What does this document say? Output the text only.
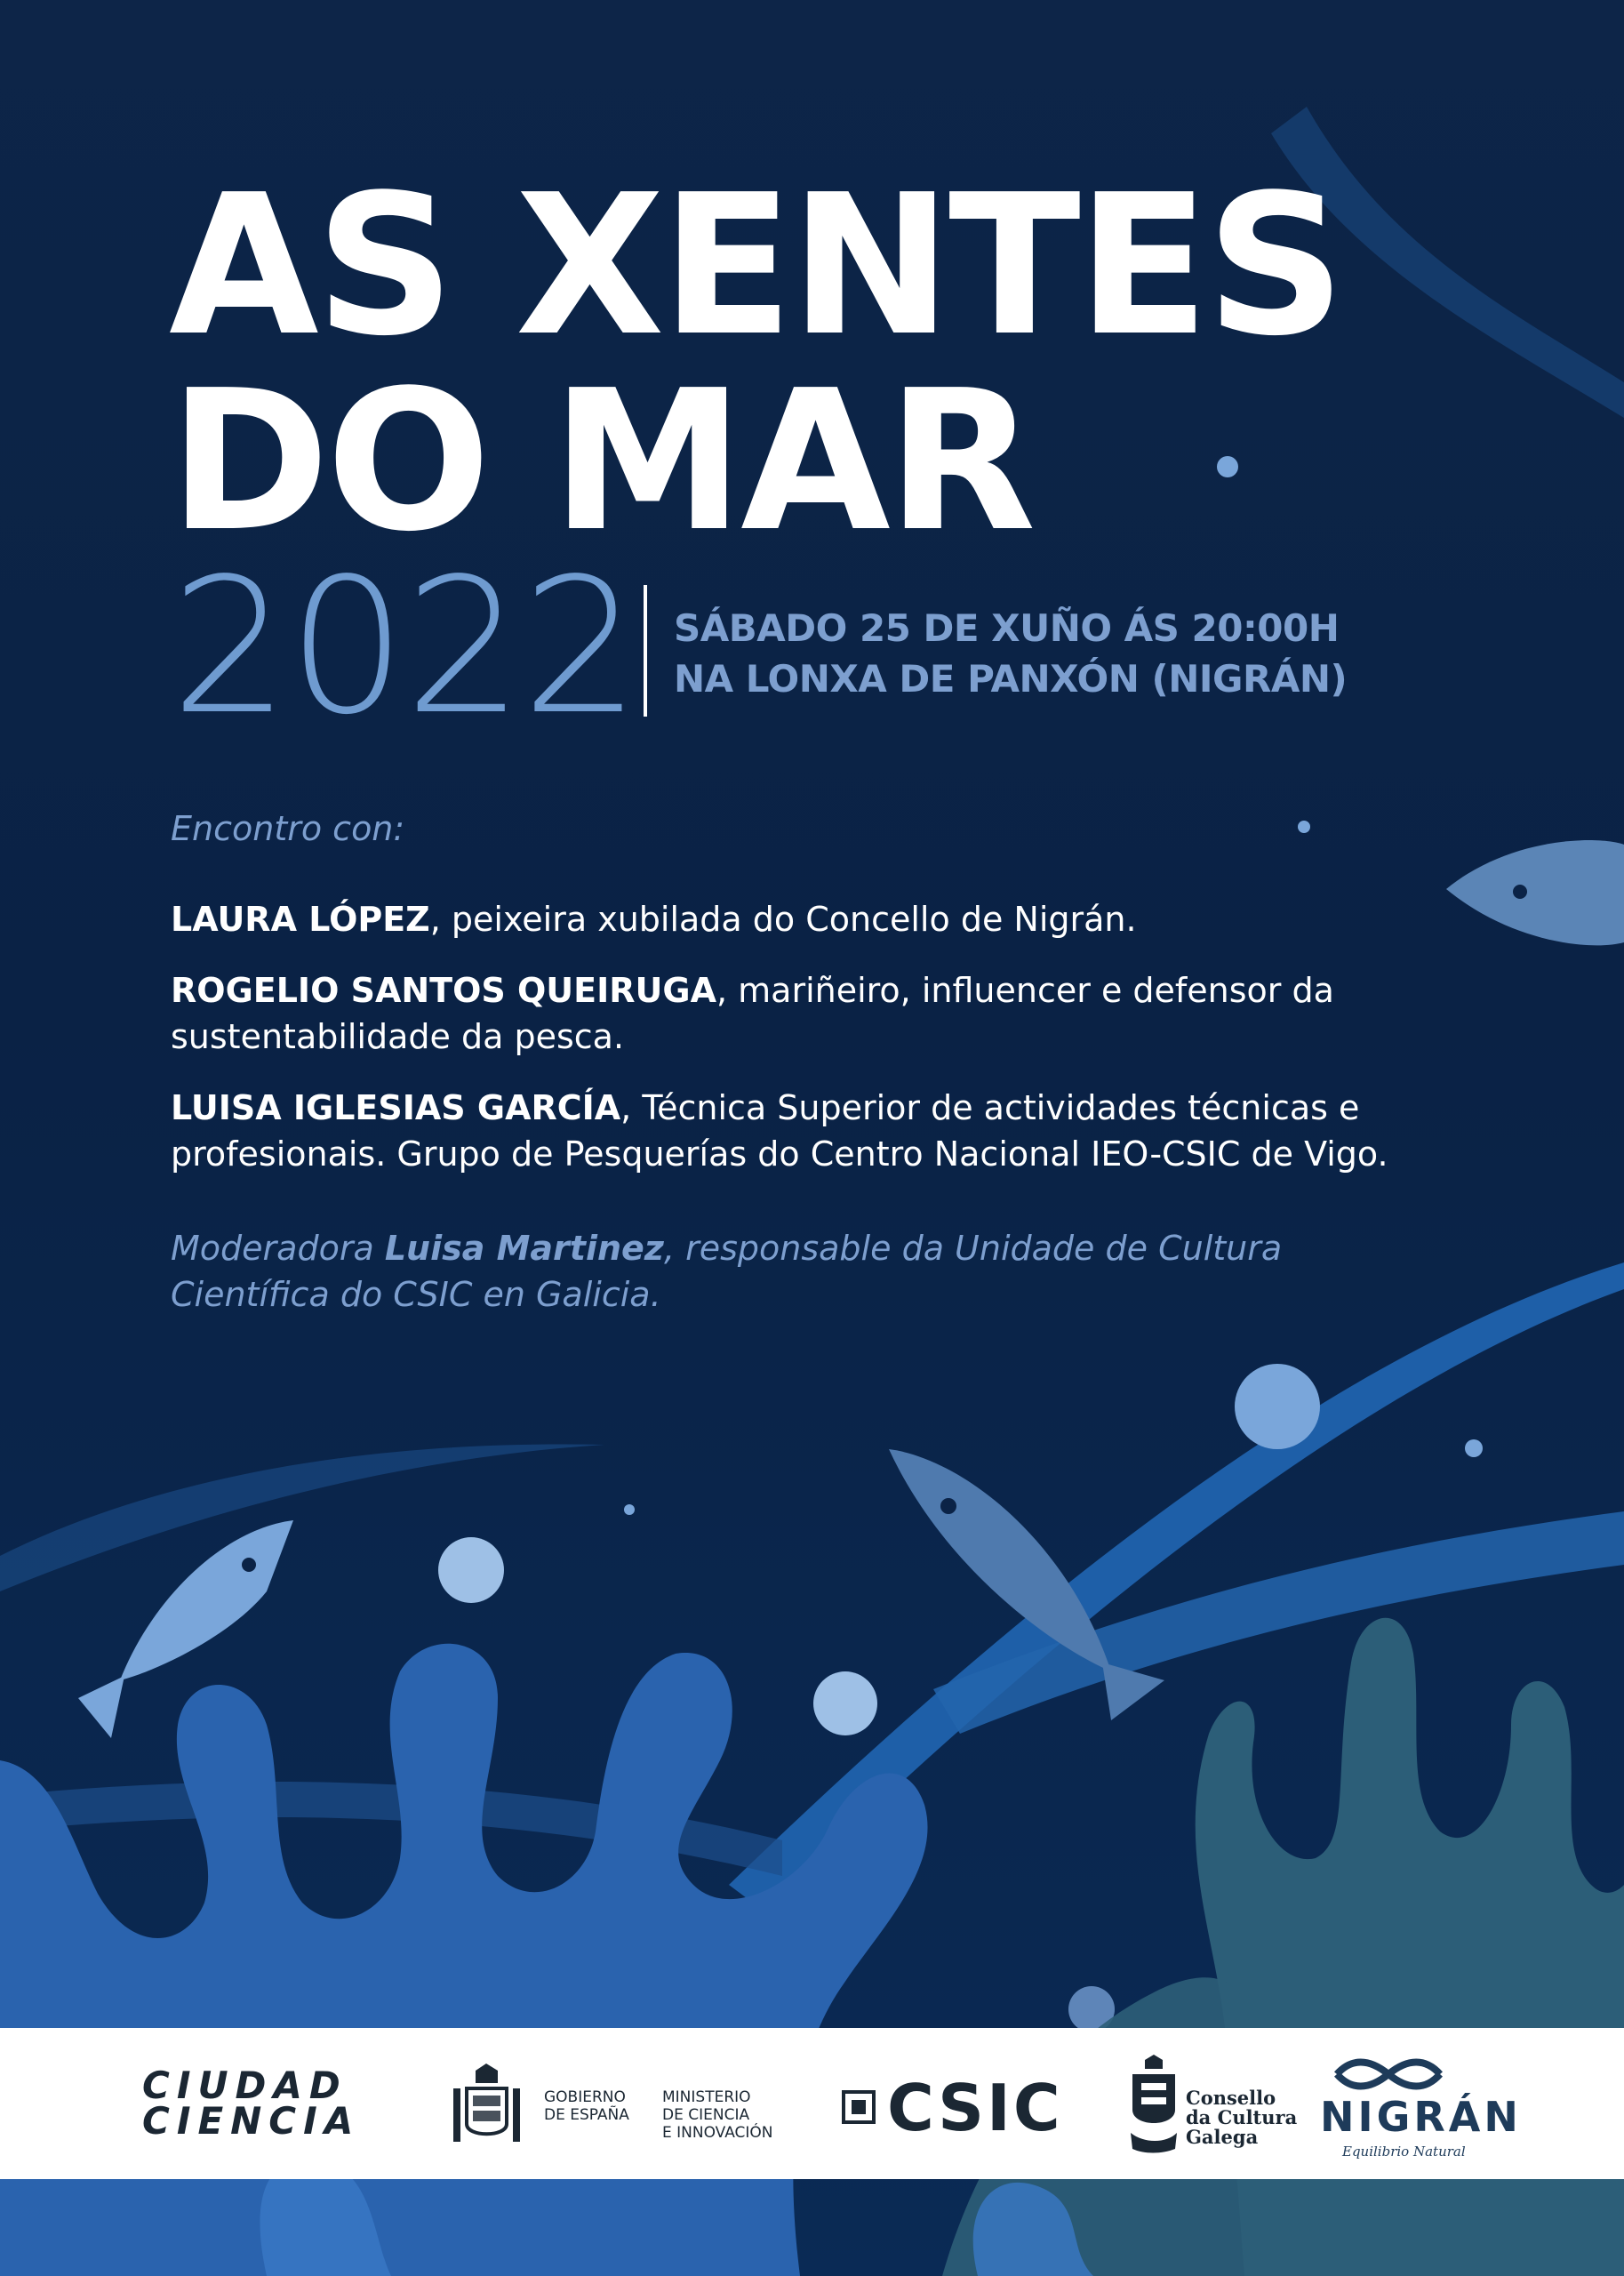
AS XENTES
DO MAR
2022 SÁBADO 25 DE XUÑO ÁS 20:00H
NA LONXA DE PANXÓN (NIGRÁN)
Encontro con:

LAURA LÓPEZ, peixeira xubilada do Concello de Nigrán.

ROGELIO SANTOS QUEIRUGA, mariñeiro, influencer e defensor da sustentabilidade da pesca.

LUISA IGLESIAS GARCÍA, Técnica Superior de actividades técnicas e profesionais. Grupo de Pesquerías do Centro Nacional IEO-CSIC de Vigo.

Moderadora Luisa Martinez, responsable da Unidade de Cultura Científica do CSIC en Galicia.
CIUDAD
CIENCIA
GOBIERNO
DE ESPAÑA
MINISTERIO
DE CIENCIA
E INNOVACIÓN CSIC	Consello
da Cultura
Galega	NIGRÁN
Equilibrio Natural
